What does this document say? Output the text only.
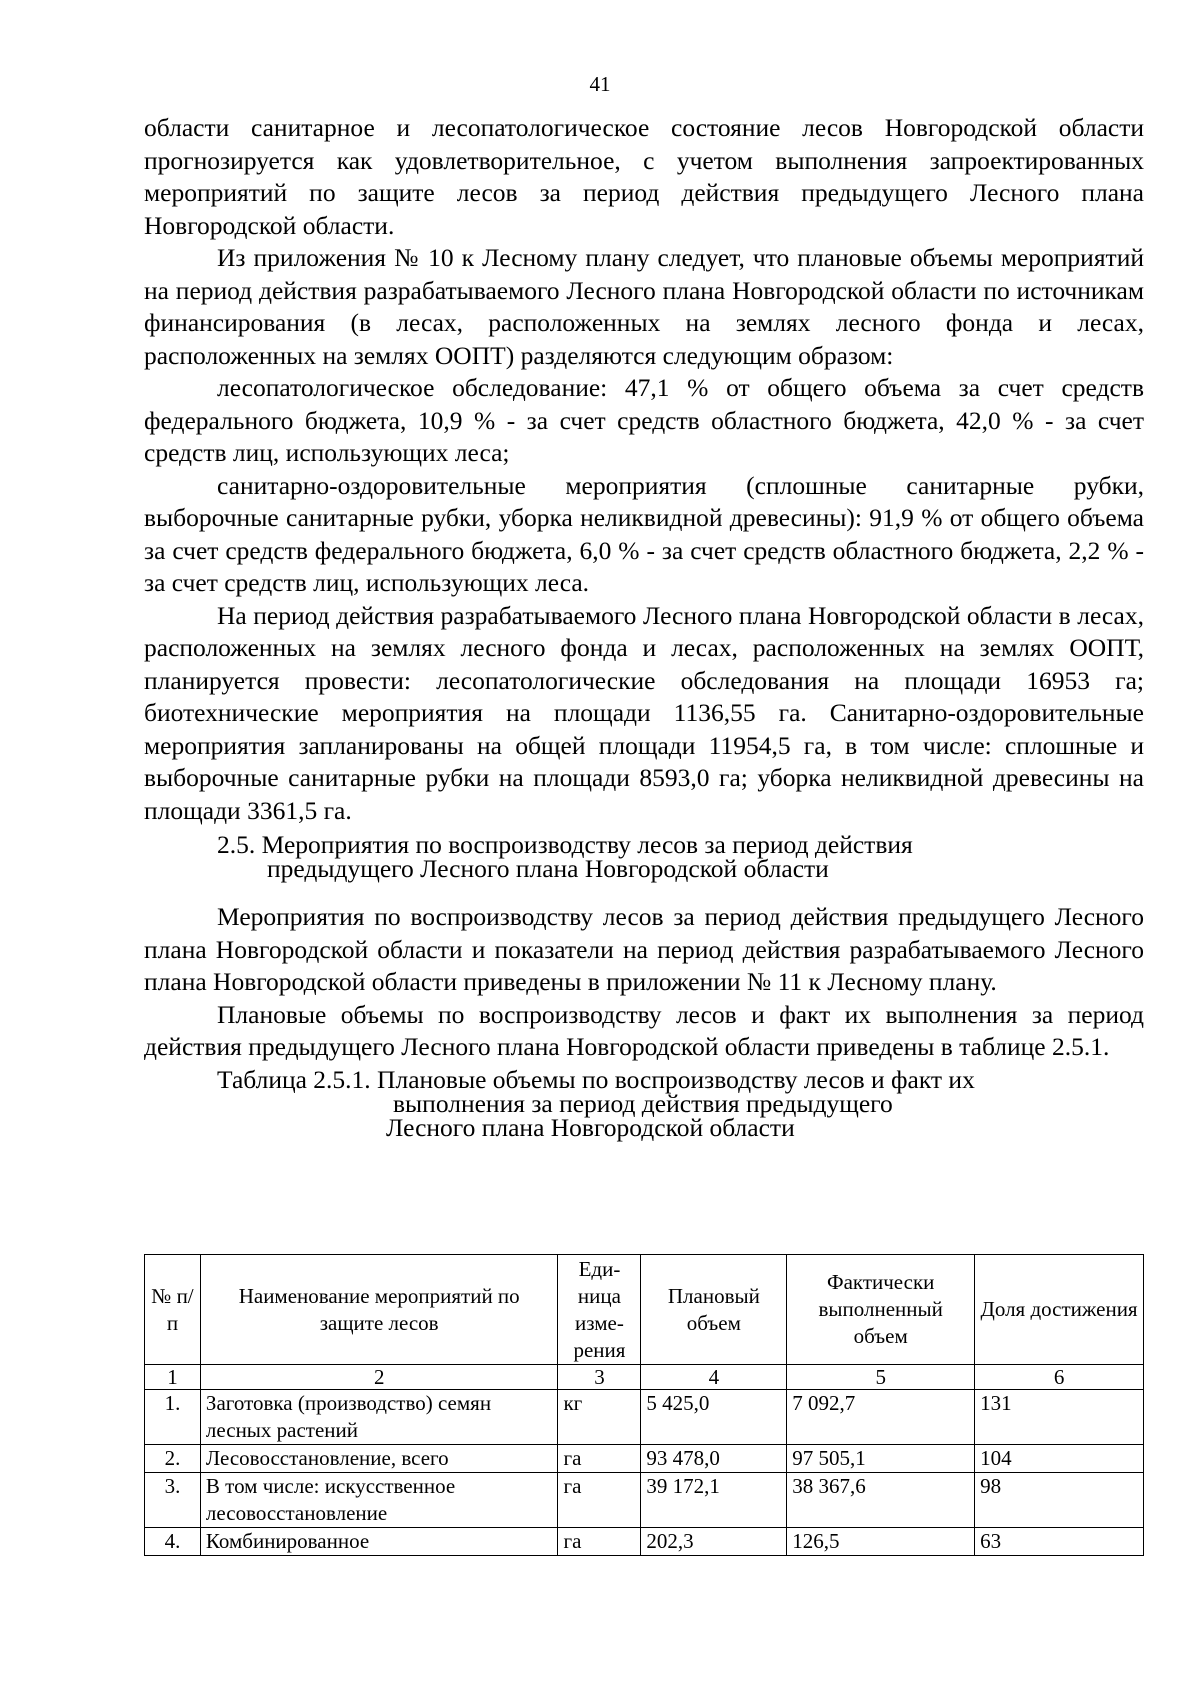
41

области санитарное и лесопатологическое состояние лесов Новгородской области прогнозируется как удовлетворительное, с учетом выполнения запроектированных мероприятий по защите лесов за период действия предыдущего Лесного плана Новгородской области.

Из приложения № 10 к Лесному плану следует, что плановые объемы мероприятий на период действия разрабатываемого Лесного плана Новгородской области по источникам финансирования (в лесах, расположенных на землях лесного фонда и лесах, расположенных на землях ООПТ) разделяются следующим образом:

лесопатологическое обследование: 47,1 % от общего объема за счет средств федерального бюджета, 10,9 % - за счет средств областного бюджета, 42,0 % - за счет средств лиц, использующих леса;

санитарно-оздоровительные мероприятия (сплошные санитарные рубки, выборочные санитарные рубки, уборка неликвидной древесины): 91,9 % от общего объема за счет средств федерального бюджета, 6,0 % - за счет средств областного бюджета, 2,2 % - за счет средств лиц, использующих леса.

На период действия разрабатываемого Лесного плана Новгородской области в лесах, расположенных на землях лесного фонда и лесах, расположенных на землях ООПТ, планируется провести: лесопатологические обследования на площади 16953 га; биотехнические мероприятия на площади 1136,55 га. Санитарно-оздоровительные мероприятия запланированы на общей площади 11954,5 га, в том числе: сплошные и выборочные санитарные рубки на площади 8593,0 га; уборка неликвидной древесины на площади 3361,5 га.

2.5. Мероприятия по воспроизводству лесов за период действия
предыдущего Лесного плана Новгородской области

Мероприятия по воспроизводству лесов за период действия предыдущего Лесного плана Новгородской области и показатели на период действия разрабатываемого Лесного плана Новгородской области приведены в приложении № 11 к Лесному плану.

Плановые объемы по воспроизводству лесов и факт их выполнения за период действия предыдущего Лесного плана Новгородской области приведены в таблице 2.5.1.

Таблица 2.5.1. Плановые объемы по воспроизводству лесов и факт их
выполнения за период действия предыдущего
Лесного плана Новгородской области
№ п/п	Наименование мероприятий по защите лесов	Еди-ница изме-рения	Плановый объем	Фактически выполненный объем	Доля достижения
1	2	3	4	5	6
1.	Заготовка (производство) семян лесных растений	кг	5 425,0	7 092,7	131
2.	Лесовосстановление, всего	га	93 478,0	97 505,1	104
3.	В том числе: искусственное лесовосстановление	га	39 172,1	38 367,6	98
4.	Комбинированное	га	202,3	126,5	63
